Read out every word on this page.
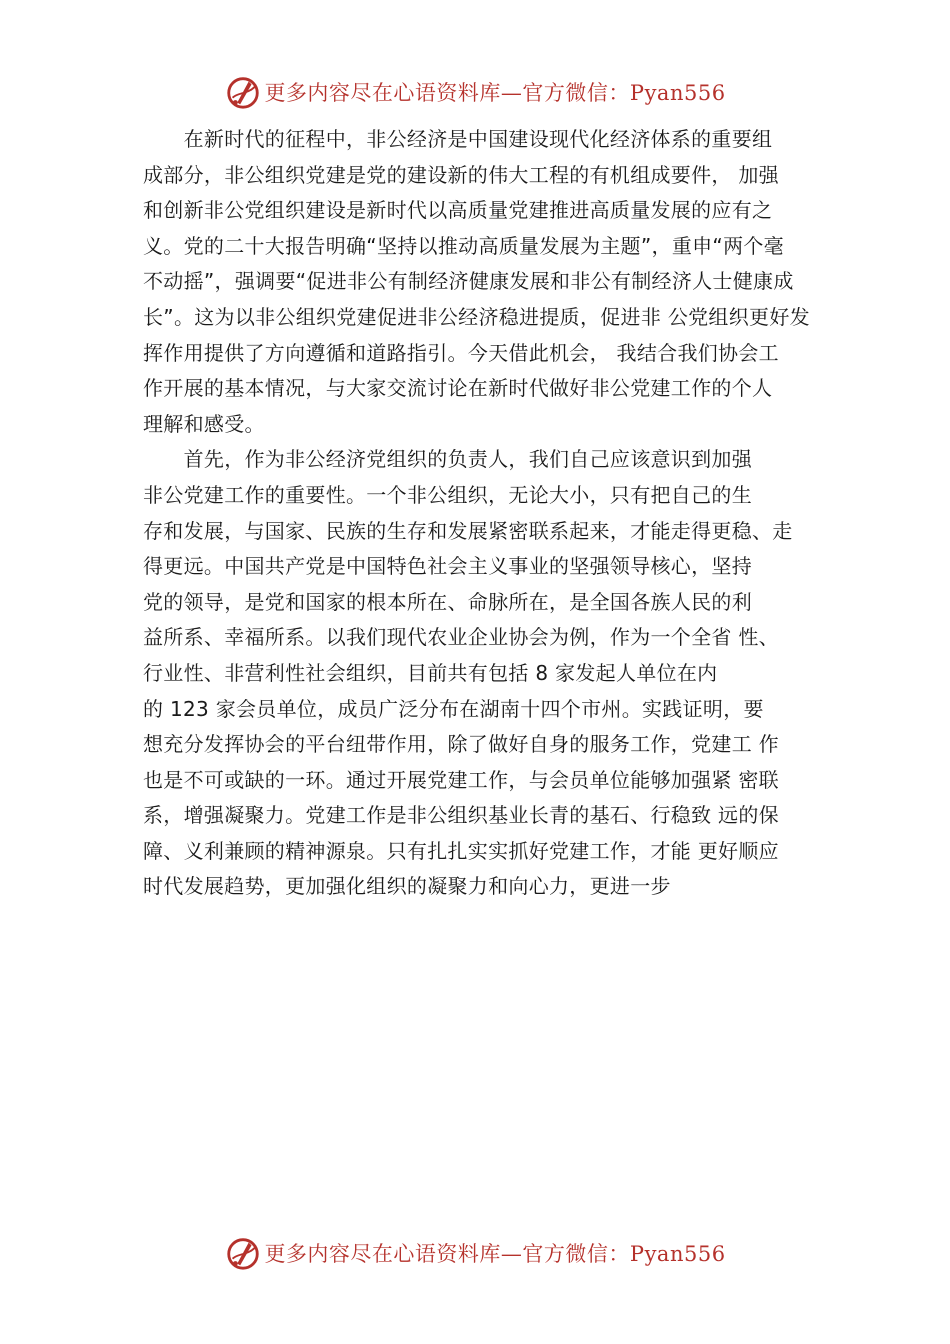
更多内容尽在心语资料库—官方微信：Pyan556
　　在新时代的征程中，非公经济是中国建设现代化经济体系的重要组
成部分，非公组织党建是党的建设新的伟大工程的有机组成要件， 加强
和创新非公党组织建设是新时代以高质量党建推进高质量发展的应有之
义。党的二十大报告明确“坚持以推动高质量发展为主题”，重申“两个毫
不动摇”，强调要“促进非公有制经济健康发展和非公有制经济人士健康成
长”。这为以非公组织党建促进非公经济稳进提质，促进非 公党组织更好发
挥作用提供了方向遵循和道路指引。今天借此机会， 我结合我们协会工
作开展的基本情况，与大家交流讨论在新时代做好非公党建工作的个人
理解和感受。
　　首先，作为非公经济党组织的负责人，我们自己应该意识到加强
非公党建工作的重要性。一个非公组织，无论大小，只有把自己的生
存和发展，与国家、民族的生存和发展紧密联系起来，才能走得更稳、走
得更远。中国共产党是中国特色社会主义事业的坚强领导核心，坚持
党的领导，是党和国家的根本所在、命脉所在，是全国各族人民的利
益所系、幸福所系。以我们现代农业企业协会为例，作为一个全省 性、
行业性、非营利性社会组织，目前共有包括 8 家发起人单位在内
的 123 家会员单位，成员广泛分布在湖南十四个市州。实践证明，要
想充分发挥协会的平台纽带作用，除了做好自身的服务工作，党建工 作
也是不可或缺的一环。通过开展党建工作，与会员单位能够加强紧 密联
系，增强凝聚力。党建工作是非公组织基业长青的基石、行稳致 远的保
障、义利兼顾的精神源泉。只有扎扎实实抓好党建工作，才能 更好顺应
时代发展趋势，更加强化组织的凝聚力和向心力，更进一步
更多内容尽在心语资料库—官方微信：Pyan556
